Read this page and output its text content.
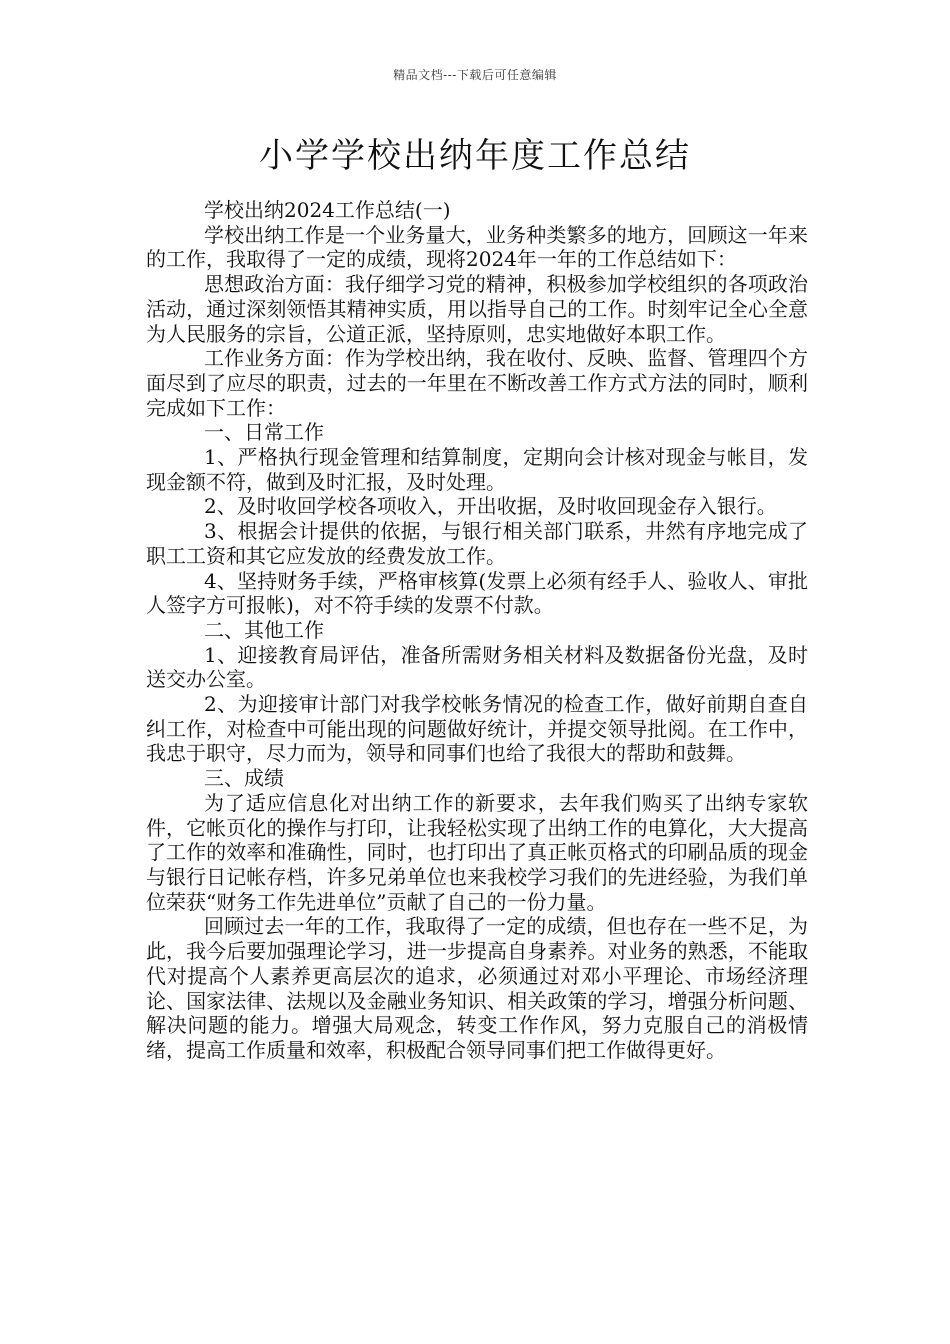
精品文档---下载后可任意编辑
小学学校出纳年度工作总结

学校出纳2024工作总结(一)

学校出纳工作是一个业务量大，业务种类繁多的地方，回顾这一年来的工作，我取得了一定的成绩，现将2024年一年的工作总结如下：

思想政治方面：我仔细学习党的精神，积极参加学校组织的各项政治活动，通过深刻领悟其精神实质，用以指导自己的工作。时刻牢记全心全意为人民服务的宗旨，公道正派，坚持原则，忠实地做好本职工作。

工作业务方面：作为学校出纳，我在收付、反映、监督、管理四个方面尽到了应尽的职责，过去的一年里在不断改善工作方式方法的同时，顺利完成如下工作：

一、日常工作

1、严格执行现金管理和结算制度，定期向会计核对现金与帐目，发现金额不符，做到及时汇报，及时处理。

2、及时收回学校各项收入，开出收据，及时收回现金存入银行。

3、根据会计提供的依据，与银行相关部门联系，井然有序地完成了职工工资和其它应发放的经费发放工作。

4、坚持财务手续，严格审核算(发票上必须有经手人、验收人、审批人签字方可报帐)，对不符手续的发票不付款。

二、其他工作

1、迎接教育局评估，准备所需财务相关材料及数据备份光盘，及时送交办公室。

2、为迎接审计部门对我学校帐务情况的检查工作，做好前期自查自纠工作，对检查中可能出现的问题做好统计，并提交领导批阅。在工作中，我忠于职守，尽力而为，领导和同事们也给了我很大的帮助和鼓舞。

三、成绩

为了适应信息化对出纳工作的新要求，去年我们购买了出纳专家软件，它帐页化的操作与打印，让我轻松实现了出纳工作的电算化，大大提高了工作的效率和准确性，同时，也打印出了真正帐页格式的印刷品质的现金与银行日记帐存档，许多兄弟单位也来我校学习我们的先进经验，为我们单位荣获“财务工作先进单位”贡献了自己的一份力量。

回顾过去一年的工作，我取得了一定的成绩，但也存在一些不足，为此，我今后要加强理论学习，进一步提高自身素养。对业务的熟悉，不能取代对提高个人素养更高层次的追求，必须通过对邓小平理论、市场经济理论、国家法律、法规以及金融业务知识、相关政策的学习，增强分析问题、解决问题的能力。增强大局观念，转变工作作风，努力克服自己的消极情绪，提高工作质量和效率，积极配合领导同事们把工作做得更好。
